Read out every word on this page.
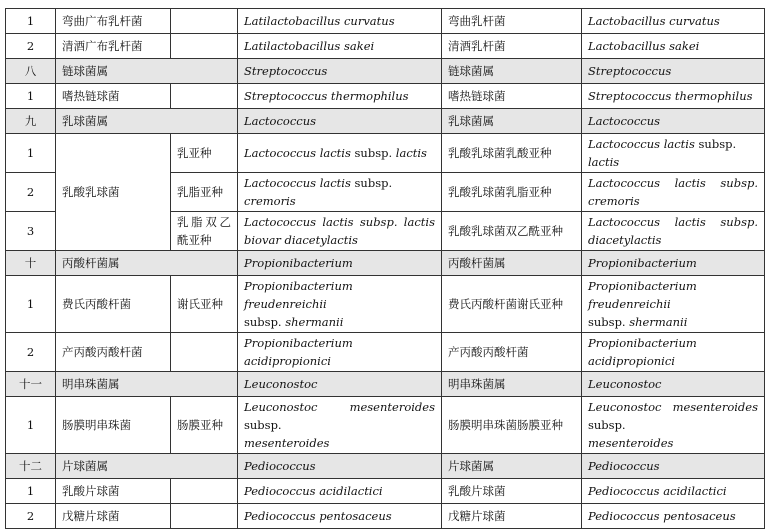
1	弯曲广布乳杆菌		Latilactobacillus curvatus	弯曲乳杆菌	Lactobacillus curvatus
2	清酒广布乳杆菌		Latilactobacillus sakei	清酒乳杆菌	Lactobacillus sakei
八	链球菌属		Streptococcus	链球菌属	Streptococcus
1	嗜热链球菌		Streptococcus thermophilus	嗜热链球菌	Streptococcus thermophilus
九	乳球菌属		Lactococcus	乳球菌属	Lactococcus
1	乳酸乳球菌	乳亚种	Lactococcus lactis subsp. lactis	乳酸乳球菌乳酸亚种	Lactococcus lactis subsp. lactis
2		乳脂亚种	Lactococcus lactis subsp. cremoris	乳酸乳球菌乳脂亚种	Lactococcus lactis subsp.
cremoris
3		乳脂双乙酰亚种	Lactococcus lactis subsp. lactis
biovar diacetylactis	乳酸乳球菌双乙酰亚种	Lactococcus lactis subsp.
diacetylactis
十	丙酸杆菌属		Propionibacterium	丙酸杆菌属	Propionibacterium
1	费氏丙酸杆菌	谢氏亚种	Propionibacterium freudenreichii
subsp. shermanii	费氏丙酸杆菌谢氏亚种	Propionibacterium freudenreichii
subsp. shermanii
2	产丙酸丙酸杆菌		Propionibacterium acidipropionici	产丙酸丙酸杆菌	Propionibacterium
acidipropionici
十一	明串珠菌属		Leuconostoc	明串珠菌属	Leuconostoc
1	肠膜明串珠菌	肠膜亚种	Leuconostoc mesenteroides subsp.
mesenteroides	肠膜明串珠菌肠膜亚种	Leuconostoc mesenteroides subsp.
mesenteroides
十二	片球菌属		Pediococcus	片球菌属	Pediococcus
1	乳酸片球菌		Pediococcus acidilactici	乳酸片球菌	Pediococcus acidilactici
2	戊糖片球菌		Pediococcus pentosaceus	戊糖片球菌	Pediococcus pentosaceus
